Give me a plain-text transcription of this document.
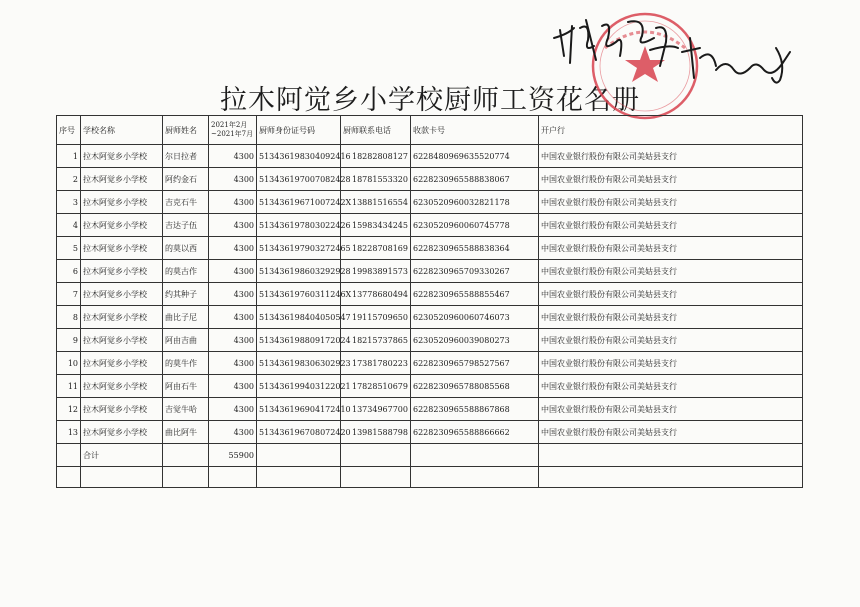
拉木阿觉乡小学校厨师工资花名册
序号	学校名称	厨师姓名	2021年2月~2021年7月	厨师身份证号码	厨师联系电话	收款卡号	开户行
1	拉木阿觉乡小学校	尔日拉者	4300	513436198304092416	18282808127	6228480969635520774	中国农业银行股份有限公司美姑县支行
2	拉木阿觉乡小学校	阿约金石	4300	513436197007082428	18781553320	6228230965588838067	中国农业银行股份有限公司美姑县支行
3	拉木阿觉乡小学校	吉克石牛	4300	51343619671007242X	13881516554	6230520960032821178	中国农业银行股份有限公司美姑县支行
4	拉木阿觉乡小学校	吉达子伍	4300	513436197803022426	15983434245	6230520960060745778	中国农业银行股份有限公司美姑县支行
5	拉木阿觉乡小学校	的莫以西	4300	513436197903272465	18228708169	6228230965588838364	中国农业银行股份有限公司美姑县支行
6	拉木阿觉乡小学校	的莫古作	4300	513436198603292928	19983891573	6228230965709330267	中国农业银行股份有限公司美姑县支行
7	拉木阿觉乡小学校	约其种子	4300	51343619760311246X	13778680494	6228230965588855467	中国农业银行股份有限公司美姑县支行
8	拉木阿觉乡小学校	曲比子尼	4300	513436198404050547	19115709650	6230520960060746073	中国农业银行股份有限公司美姑县支行
9	拉木阿觉乡小学校	阿由吉曲	4300	513436198809172024	18215737865	6230520960039080273	中国农业银行股份有限公司美姑县支行
10	拉木阿觉乡小学校	的莫牛作	4300	513436198306302923	17381780223	6228230965798527567	中国农业银行股份有限公司美姑县支行
11	拉木阿觉乡小学校	阿由石牛	4300	513436199403122021	17828510679	6228230965788085568	中国农业银行股份有限公司美姑县支行
12	拉木阿觉乡小学校	吉觉牛哈	4300	513436196904172410	13734967700	6228230965588867868	中国农业银行股份有限公司美姑县支行
13	拉木阿觉乡小学校	曲比阿牛	4300	513436196708072420	13981588798	6228230965588866662	中国农业银行股份有限公司美姑县支行
	合计		55900				
